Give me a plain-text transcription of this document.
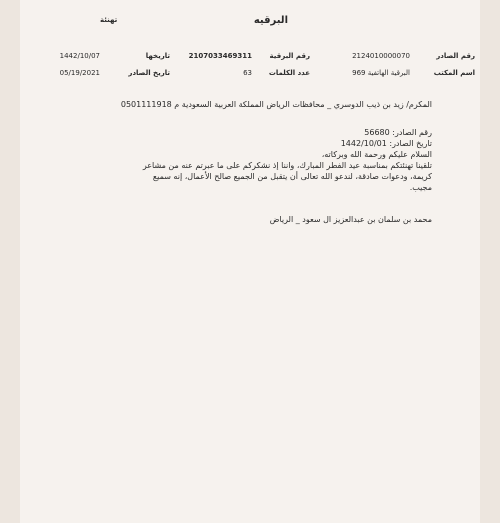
البرقيه
تهنئة
رقم الصادر
2124010000070
رقم البرقية
2107033469311
تاريخها
1442/10/07
اسم المكتب
البرقية الهاتفية 969
عدد الكلمات
63
تاريخ الصادر
05/19/2021
المكرم/ زيد بن ذيب الدوسري _ محافظات الرياض المملكة العربية السعودية م 0501111918
رقم الصادر: 56680
تاريخ الصادر: 1442/10/01
السلام عليكم ورحمة الله وبركاته،
تلقينا تهنئتكم بمناسبة عيد الفطر المبارك، واننا إذ نشكركم على ما عبرتم عنه من مشاعر
كريمة، ودعوات صادقة، لندعو الله تعالى أن يتقبل من الجميع صالح الأعمال، إنه سميع
مجيب.
محمد بن سلمان بن عبدالعزيز ال سعود _ الرياض
